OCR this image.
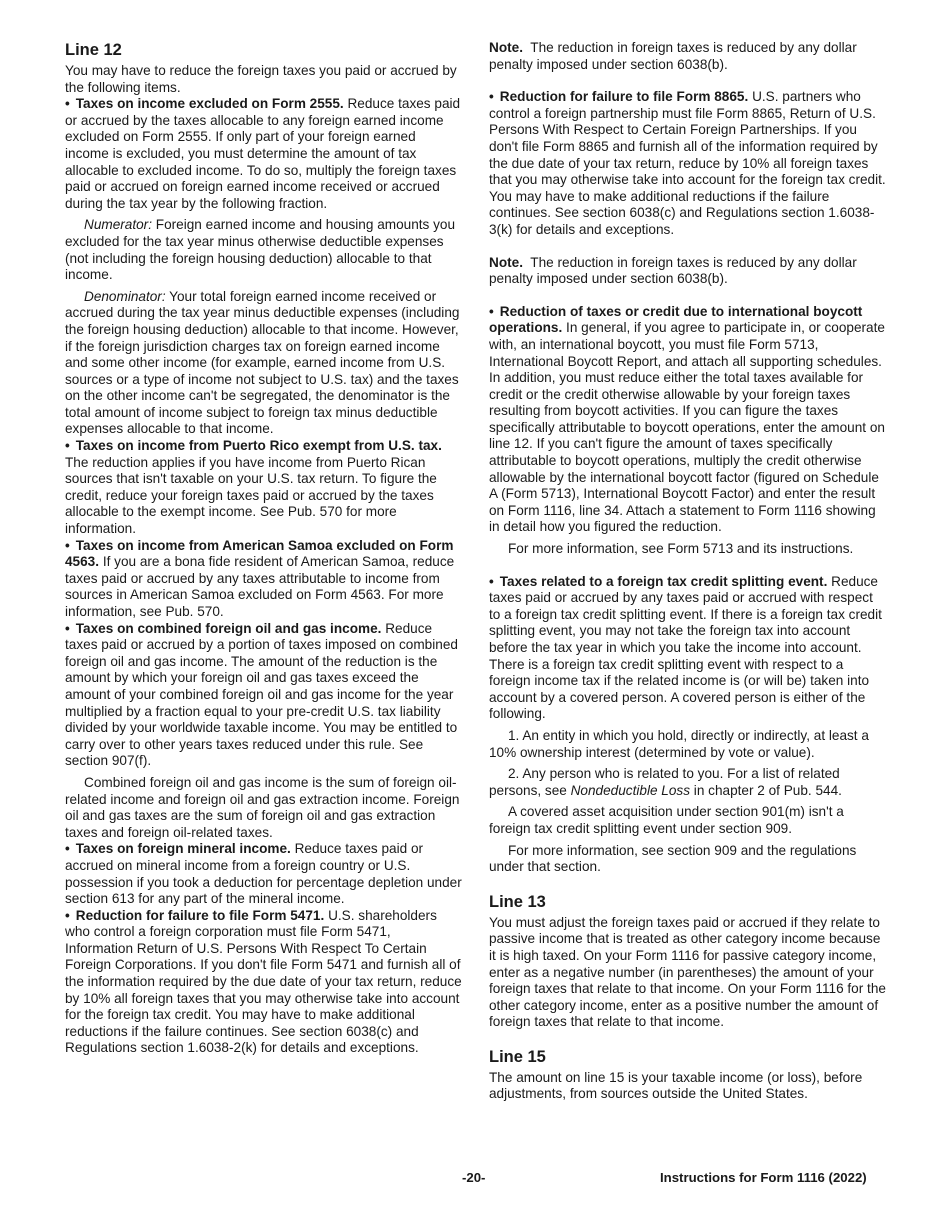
Line 12

You may have to reduce the foreign taxes you paid or accrued by the following items.

• Taxes on income excluded on Form 2555. Reduce taxes paid or accrued by the taxes allocable to any foreign earned income excluded on Form 2555. If only part of your foreign earned income is excluded, you must determine the amount of tax allocable to excluded income. To do so, multiply the foreign taxes paid or accrued on foreign earned income received or accrued during the tax year by the following fraction.

Numerator: Foreign earned income and housing amounts you excluded for the tax year minus otherwise deductible expenses (not including the foreign housing deduction) allocable to that income.

Denominator: Your total foreign earned income received or accrued during the tax year minus deductible expenses (including the foreign housing deduction) allocable to that income. However, if the foreign jurisdiction charges tax on foreign earned income and some other income (for example, earned income from U.S. sources or a type of income not subject to U.S. tax) and the taxes on the other income can't be segregated, the denominator is the total amount of income subject to foreign tax minus deductible expenses allocable to that income.

• Taxes on income from Puerto Rico exempt from U.S. tax. The reduction applies if you have income from Puerto Rican sources that isn't taxable on your U.S. tax return. To figure the credit, reduce your foreign taxes paid or accrued by the taxes allocable to the exempt income. See Pub. 570 for more information.

• Taxes on income from American Samoa excluded on Form 4563. If you are a bona fide resident of American Samoa, reduce taxes paid or accrued by any taxes attributable to income from sources in American Samoa excluded on Form 4563. For more information, see Pub. 570.

• Taxes on combined foreign oil and gas income. Reduce taxes paid or accrued by a portion of taxes imposed on combined foreign oil and gas income. The amount of the reduction is the amount by which your foreign oil and gas taxes exceed the amount of your combined foreign oil and gas income for the year multiplied by a fraction equal to your pre-credit U.S. tax liability divided by your worldwide taxable income. You may be entitled to carry over to other years taxes reduced under this rule. See section 907(f).

Combined foreign oil and gas income is the sum of foreign oil-related income and foreign oil and gas extraction income. Foreign oil and gas taxes are the sum of foreign oil and gas extraction taxes and foreign oil-related taxes.

• Taxes on foreign mineral income. Reduce taxes paid or accrued on mineral income from a foreign country or U.S. possession if you took a deduction for percentage depletion under section 613 for any part of the mineral income.

• Reduction for failure to file Form 5471. U.S. shareholders who control a foreign corporation must file Form 5471, Information Return of U.S. Persons With Respect To Certain Foreign Corporations. If you don't file Form 5471 and furnish all of the information required by the due date of your tax return, reduce by 10% all foreign taxes that you may otherwise take into account for the foreign tax credit. You may have to make additional reductions if the failure continues. See section 6038(c) and Regulations section 1.6038-2(k) for details and exceptions.

Note. The reduction in foreign taxes is reduced by any dollar penalty imposed under section 6038(b).

• Reduction for failure to file Form 8865. U.S. partners who control a foreign partnership must file Form 8865, Return of U.S. Persons With Respect to Certain Foreign Partnerships. If you don't file Form 8865 and furnish all of the information required by the due date of your tax return, reduce by 10% all foreign taxes that you may otherwise take into account for the foreign tax credit. You may have to make additional reductions if the failure continues. See section 6038(c) and Regulations section 1.6038-3(k) for details and exceptions.

Note. The reduction in foreign taxes is reduced by any dollar penalty imposed under section 6038(b).

• Reduction of taxes or credit due to international boycott operations. In general, if you agree to participate in, or cooperate with, an international boycott, you must file Form 5713, International Boycott Report, and attach all supporting schedules. In addition, you must reduce either the total taxes available for credit or the credit otherwise allowable by your foreign taxes resulting from boycott activities. If you can figure the taxes specifically attributable to boycott operations, enter the amount on line 12. If you can't figure the amount of taxes specifically attributable to boycott operations, multiply the credit otherwise allowable by the international boycott factor (figured on Schedule A (Form 5713), International Boycott Factor) and enter the result on Form 1116, line 34. Attach a statement to Form 1116 showing in detail how you figured the reduction.

For more information, see Form 5713 and its instructions.

• Taxes related to a foreign tax credit splitting event. Reduce taxes paid or accrued by any taxes paid or accrued with respect to a foreign tax credit splitting event. If there is a foreign tax credit splitting event, you may not take the foreign tax into account before the tax year in which you take the income into account. There is a foreign tax credit splitting event with respect to a foreign income tax if the related income is (or will be) taken into account by a covered person. A covered person is either of the following.

1. An entity in which you hold, directly or indirectly, at least a 10% ownership interest (determined by vote or value).

2. Any person who is related to you. For a list of related persons, see Nondeductible Loss in chapter 2 of Pub. 544.

A covered asset acquisition under section 901(m) isn't a foreign tax credit splitting event under section 909.

For more information, see section 909 and the regulations under that section.

Line 13

You must adjust the foreign taxes paid or accrued if they relate to passive income that is treated as other category income because it is high taxed. On your Form 1116 for passive category income, enter as a negative number (in parentheses) the amount of your foreign taxes that relate to that income. On your Form 1116 for the other category income, enter as a positive number the amount of foreign taxes that relate to that income.

Line 15

The amount on line 15 is your taxable income (or loss), before adjustments, from sources outside the United States.

-20-	Instructions for Form 1116 (2022)
